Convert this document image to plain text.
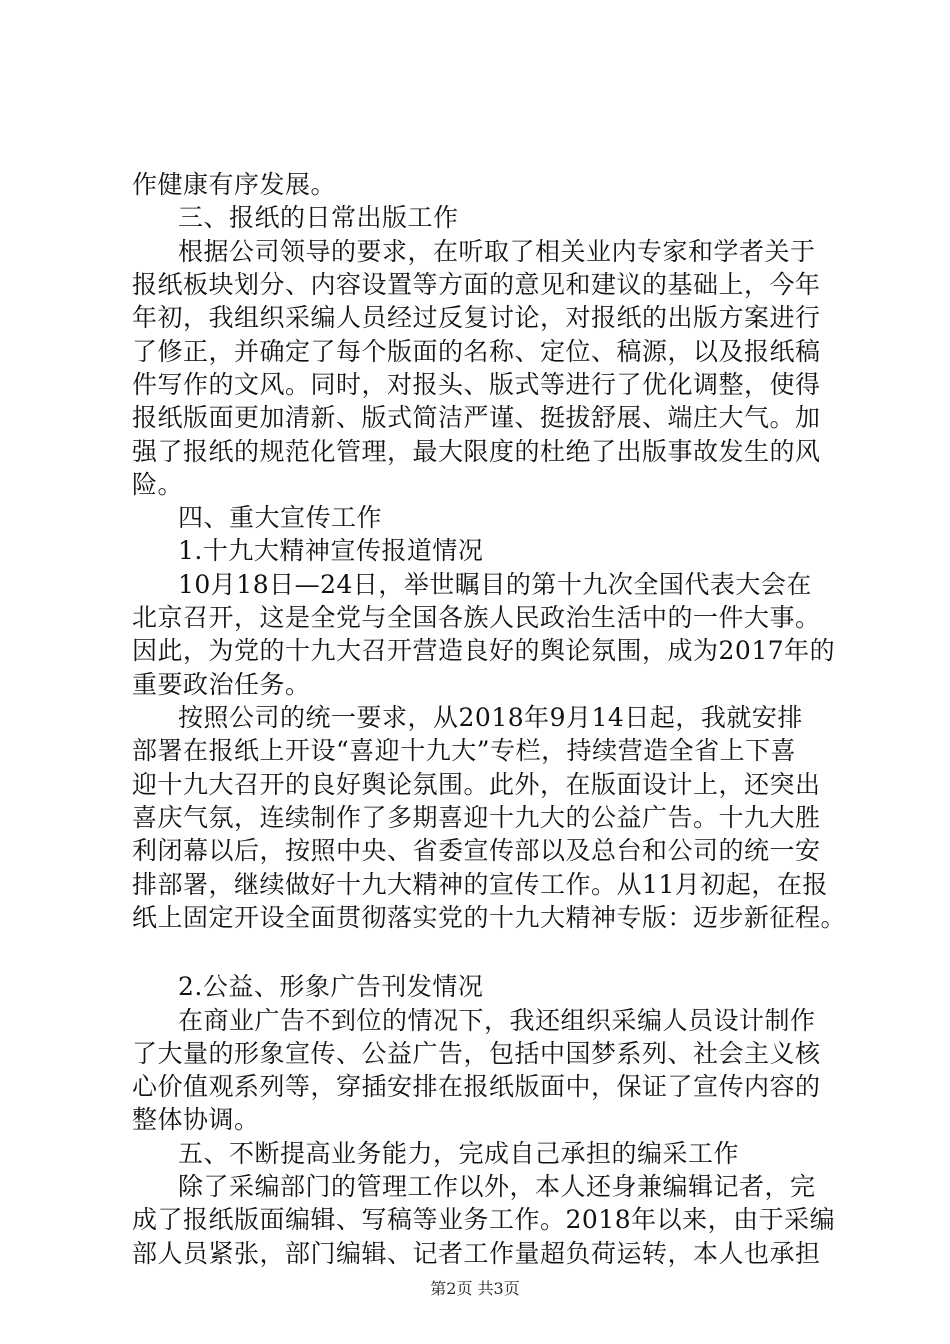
作健康有序发展。
三、报纸的日常出版工作
根据公司领导的要求，在听取了相关业内专家和学者关于
报纸板块划分、内容设置等方面的意见和建议的基础上，今年
年初，我组织采编人员经过反复讨论，对报纸的出版方案进行
了修正，并确定了每个版面的名称、定位、稿源，以及报纸稿
件写作的文风。同时，对报头、版式等进行了优化调整，使得
报纸版面更加清新、版式简洁严谨、挺拔舒展、端庄大气。加
强了报纸的规范化管理，最大限度的杜绝了出版事故发生的风
险。
四、重大宣传工作
1.十九大精神宣传报道情况
10月18日—24日，举世瞩目的第十九次全国代表大会在
北京召开，这是全党与全国各族人民政治生活中的一件大事。
因此，为党的十九大召开营造良好的舆论氛围，成为2017年的
重要政治任务。
按照公司的统一要求，从2018年9月14日起，我就安排
部署在报纸上开设“喜迎十九大”专栏，持续营造全省上下喜
迎十九大召开的良好舆论氛围。此外，在版面设计上，还突出
喜庆气氛，连续制作了多期喜迎十九大的公益广告。十九大胜
利闭幕以后，按照中央、省委宣传部以及总台和公司的统一安
排部署，继续做好十九大精神的宣传工作。从11月初起，在报
纸上固定开设全面贯彻落实党的十九大精神专版：迈步新征程。
2.公益、形象广告刊发情况
在商业广告不到位的情况下，我还组织采编人员设计制作
了大量的形象宣传、公益广告，包括中国梦系列、社会主义核
心价值观系列等，穿插安排在报纸版面中，保证了宣传内容的
整体协调。
五、不断提高业务能力，完成自己承担的编采工作
除了采编部门的管理工作以外，本人还身兼编辑记者，完
成了报纸版面编辑、写稿等业务工作。2018年以来，由于采编
部人员紧张，部门编辑、记者工作量超负荷运转，本人也承担
第2页 共3页
